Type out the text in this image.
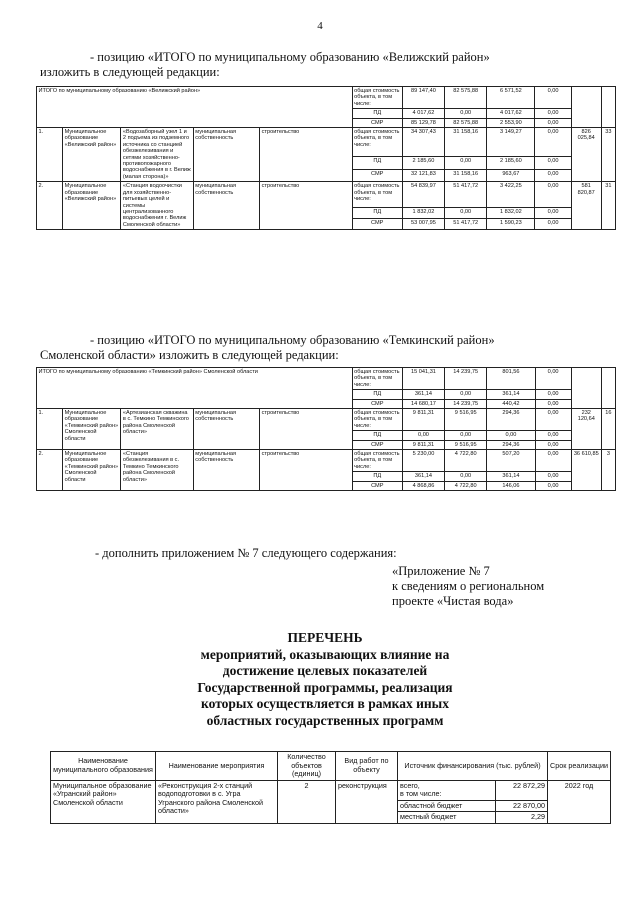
4
- позицию «ИТОГО по муниципальному образованию «Велижский район»
изложить в следующей редакции:
ИТОГО по муниципальному образованию «Велижский район»					общая стоимость объекта, в том числе:	89 147,40	82 575,88	6 571,52	0,00		
					ПД	4 017,62	0,00	4 017,62	0,00		
					СМР	85 129,78	82 575,88	2 553,90	0,00		
1.	Муниципальное образование «Велижский район»	«Водозаборный узел 1 и 2 подъема из подземного источника со станцией обезжелезивания и сетями хозяйственно-противопожарного водоснабжения в г. Велиж (малая сторона)»	муниципальная собственность	строительство	общая стоимость объекта, в том числе:	34 307,43	31 158,16	3 149,27	0,00	826 025,84	33
					ПД	2 185,60	0,00	2 185,60	0,00		
					СМР	32 121,83	31 158,16	963,67	0,00		
2.	Муниципальное образование «Велижский район»	«Станция водоочистки для хозяйственно-питьевых целей и системы централизованного водоснабжения г. Велиж Смоленской области»	муниципальная собственность	строительство	общая стоимость объекта, в том числе:	54 839,97	51 417,72	3 422,25	0,00	581 820,87	31
					ПД	1 832,02	0,00	1 832,02	0,00		
					СМР	53 007,95	51 417,72	1 590,23	0,00		
- позицию «ИТОГО по муниципальному образованию «Темкинский район»
Смоленской области» изложить в следующей редакции:
ИТОГО по муниципальному образованию «Темкинский район» Смоленской области					общая стоимость объекта, в том числе:	15 041,31	14 239,75	801,56	0,00		
					ПД	361,14	0,00	361,14	0,00		
					СМР	14 680,17	14 239,75	440,42	0,00		
1.	Муниципальное образование «Темкинский район» Смоленской области	«Артезианская скважина в с. Темкино Темкинского района Смоленской области»	муниципальная собственность	строительство	общая стоимость объекта, в том числе:	9 811,31	9 516,95	294,36	0,00	232 120,64	16
					ПД	0,00	0,00	0,00	0,00		
					СМР	9 811,31	9 516,95	294,36	0,00		
2.	Муниципальное образование «Темкинский район» Смоленской области	«Станция обезжелезивания в с. Темкино Темкинского района Смоленской области»	муниципальная собственность	строительство	общая стоимость объекта, в том числе:	5 230,00	4 722,80	507,20	0,00	36 610,85	3
					ПД	361,14	0,00	361,14	0,00		
					СМР	4 868,86	4 722,80	146,06	0,00		
- дополнить приложением № 7 следующего содержания:
«Приложение № 7
к сведениям о региональном
проекте «Чистая вода»
ПЕРЕЧЕНЬ
мероприятий, оказывающих влияние на
достижение целевых показателей
Государственной программы, реализация
которых осуществляется в рамках иных
областных государственных программ
Наименование муниципального образования	Наименование мероприятия	Количество объектов (единиц)	Вид работ по объекту	Источник финансирования (тыс. рублей)		Срок реализации
Муниципальное образование «Угранский район» Смоленской области	«Реконструкция 2-х станций водоподготовки в с. Угра Угранского района Смоленской области»	2	реконструкция	всего,
в том числе:	22 872,29	2022 год
				областной бюджет	22 870,00	
				местный бюджет	2,29	
